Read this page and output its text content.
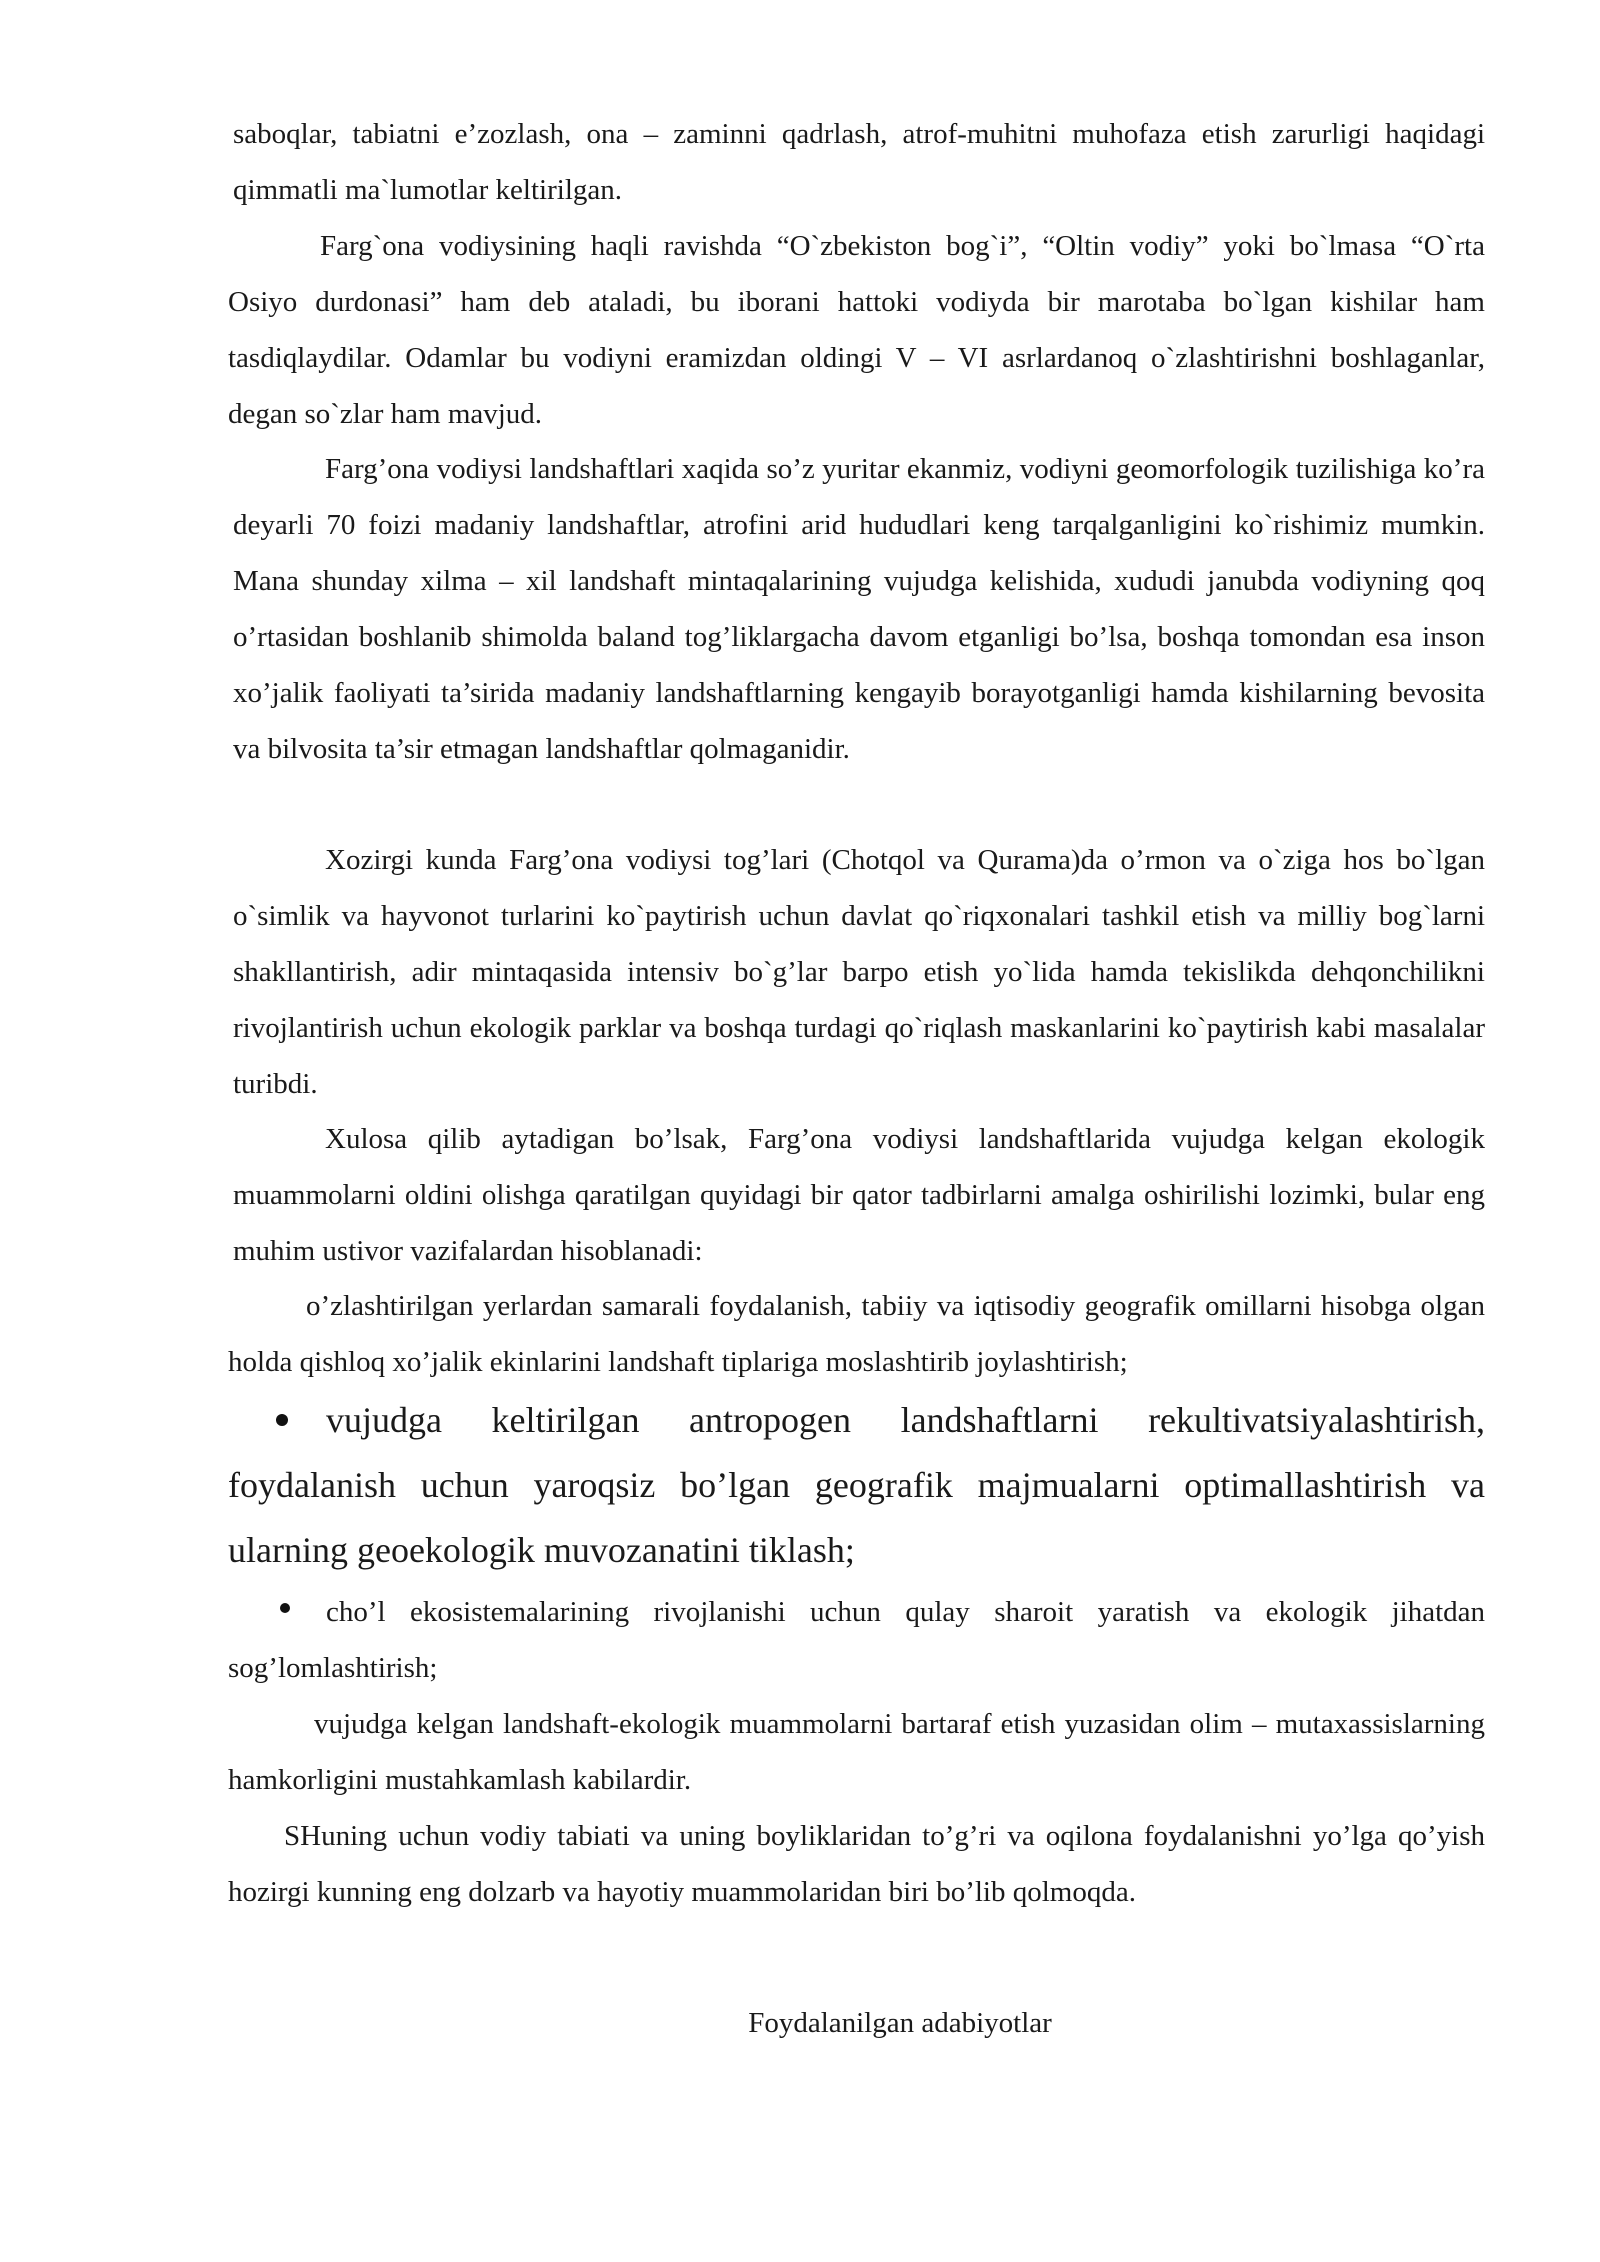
saboqlar, tabiatni e’zozlash, ona – zaminni qadrlash, atrof-muhitni muhofaza etish zarurligi haqidagi qimmatli ma`lumotlar keltirilgan.

Farg`ona vodiysining haqli ravishda “O`zbekiston bog`i”, “Oltin vodiy” yoki bo`lmasa “O`rta Osiyo durdonasi” ham deb ataladi, bu iborani hattoki vodiyda bir marotaba bo`lgan kishilar ham tasdiqlaydilar. Odamlar bu vodiyni eramizdan oldingi V – VI asrlardanoq o`zlashtirishni boshlaganlar, degan so`zlar ham mavjud.

Farg’ona vodiysi landshaftlari xaqida so’z yuritar ekanmiz, vodiyni geomorfologik tuzilishiga ko’ra deyarli 70 foizi madaniy landshaftlar, atrofini arid hududlari keng tarqalganligini ko`rishimiz mumkin. Mana shunday xilma – xil landshaft mintaqalarining vujudga kelishida, xududi janubda vodiyning qoq o’rtasidan boshlanib shimolda baland tog’liklargacha davom etganligi bo’lsa, boshqa tomondan esa inson xo’jalik faoliyati ta’sirida madaniy landshaftlarning kengayib borayotganligi hamda kishilarning bevosita va bilvosita ta’sir etmagan landshaftlar qolmaganidir.

Xozirgi kunda Farg’ona vodiysi tog’lari (Chotqol va Qurama)da o’rmon va o`ziga hos bo`lgan o`simlik va hayvonot turlarini ko`paytirish uchun davlat qo`riqxonalari tashkil etish va milliy bog`larni shakllantirish, adir mintaqasida intensiv bo`g’lar barpo etish yo`lida hamda tekislikda dehqonchilikni rivojlantirish uchun ekologik parklar va boshqa turdagi qo`riqlash maskanlarini ko`paytirish kabi masalalar turibdi.

Xulosa qilib aytadigan bo’lsak, Farg’ona vodiysi landshaftlarida vujudga kelgan ekologik muammolarni oldini olishga qaratilgan quyidagi bir qator tadbirlarni amalga oshirilishi lozimki, bular eng muhim ustivor vazifalardan hisoblanadi:

o’zlashtirilgan yerlardan samarali foydalanish, tabiiy va iqtisodiy geografik omillarni hisobga olgan holda qishloq xo’jalik ekinlarini landshaft tiplariga moslashtirib joylashtirish;

vujudga keltirilgan antropogen landshaftlarni rekultivatsiyalashtirish, foydalanish uchun yaroqsiz bo’lgan geografik majmualarni optimallashtirish va ularning geoekologik muvozanatini tiklash;

cho’l ekosistemalarining rivojlanishi uchun qulay sharoit yaratish va ekologik jihatdan sog’lomlashtirish;

vujudga kelgan landshaft-ekologik muammolarni bartaraf etish yuzasidan olim – mutaxassislarning hamkorligini mustahkamlash kabilardir.

SHuning uchun vodiy tabiati va uning boyliklaridan to’g’ri va oqilona foydalanishni yo’lga qo’yish hozirgi kunning eng dolzarb va hayotiy muammolaridan biri bo’lib qolmoqda.

Foydalanilgan adabiyotlar
